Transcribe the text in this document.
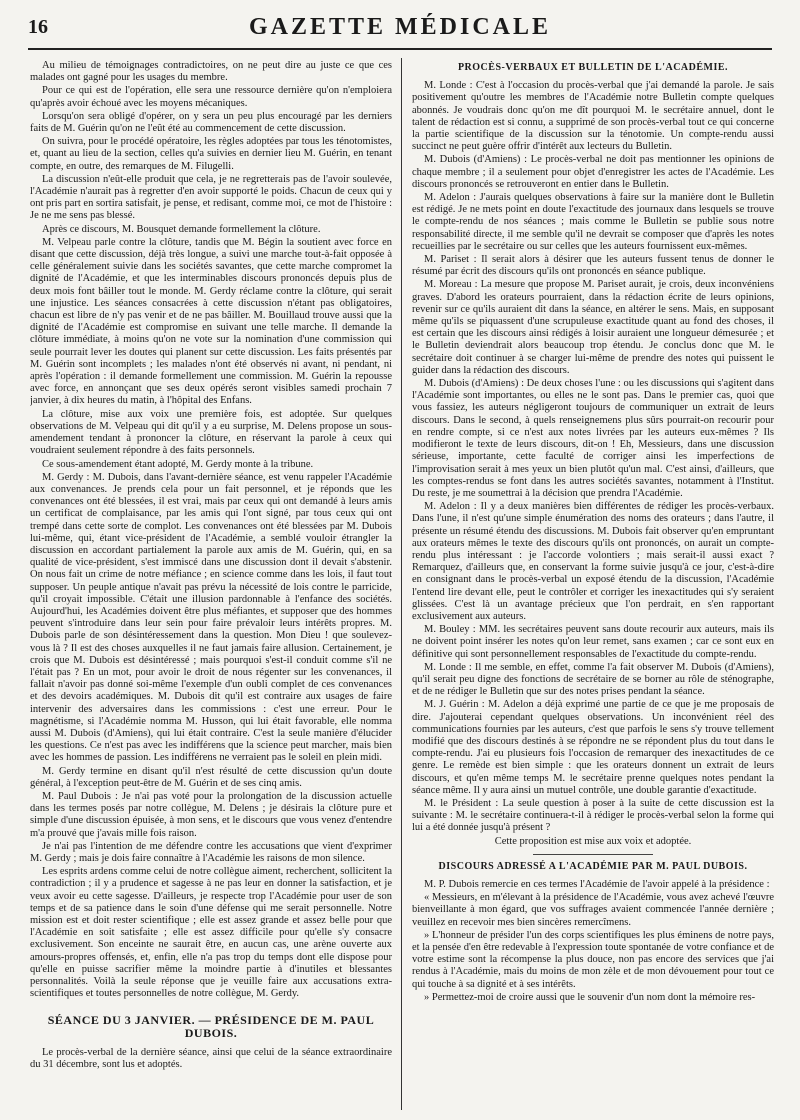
16	GAZETTE MÉDICALE

Au milieu de témoignages contradictoires, on ne peut dire au juste ce que ces malades ont gagné pour les usages du membre.

Pour ce qui est de l'opération, elle sera une ressource dernière qu'on n'emploiera qu'après avoir échoué avec les moyens mécaniques.

Lorsqu'on sera obligé d'opérer, on y sera un peu plus encouragé par les derniers faits de M. Guérin qu'on ne l'eût été au commencement de cette discussion.

On suivra, pour le procédé opératoire, les règles adoptées par tous les ténotomistes, et, quant au lieu de la section, celles qu'a suivies en dernier lieu M. Guérin, en tenant compte, en outre, des remarques de M. Filugelli.

La discussion n'eût-elle produit que cela, je ne regretterais pas de l'avoir soulevée, l'Académie n'aurait pas à regretter d'en avoir supporté le poids. Chacun de ceux qui y ont pris part en sortira satisfait, je pense, et redisant, comme moi, ce mot de l'histoire : Je ne me sens pas blessé.

Après ce discours, M. Bousquet demande formellement la clôture.

M. Velpeau parle contre la clôture, tandis que M. Bégin la soutient avec force en disant que cette discussion, déjà très longue, a suivi une marche tout-à-fait opposée à celle généralement suivie dans les sociétés savantes, que cette marche compromet la dignité de l'Académie, et que les interminables discours prononcés depuis plus de deux mois font bâiller tout le monde. M. Gerdy réclame contre la clôture, qui serait une injustice. Les séances consacrées à cette discussion n'étant pas obligatoires, chacun est libre de n'y pas venir et de ne pas bâiller. M. Bouillaud trouve aussi que la dignité de l'Académie est compromise en suivant une telle marche. Il demande la clôture immédiate, à moins qu'on ne vote sur la nomination d'une commission qui seule pourrait lever les doutes qui planent sur cette discussion. Les faits présentés par M. Guérin sont incomplets ; les malades n'ont été observés ni avant, ni pendant, ni après l'opération : il demande formellement une commission. M. Guérin la repousse avec force, en annonçant que ses deux opérés seront visibles samedi prochain 7 janvier, à dix heures du matin, à l'hôpital des Enfans.

La clôture, mise aux voix une première fois, est adoptée. Sur quelques observations de M. Velpeau qui dit qu'il y a eu surprise, M. Delens propose un sous-amendement tendant à prononcer la clôture, en réservant la parole à ceux qui voudraient seulement répondre à des faits personnels.

Ce sous-amendement étant adopté, M. Gerdy monte à la tribune.

M. Gerdy : M. Dubois, dans l'avant-dernière séance, est venu rappeler l'Académie aux convenances. Je prends cela pour un fait personnel, et je réponds que les convenances ont été blessées, il est vrai, mais par ceux qui ont demandé à leurs amis un certificat de complaisance, par les amis qui l'ont signé, par tous ceux qui ont trempé dans cette sorte de complot. Les convenances ont été blessées par M. Dubois lui-même, qui, étant vice-président de l'Académie, a semblé vouloir étrangler la discussion en accordant partialement la parole aux amis de M. Guérin, qui, en sa qualité de vice-président, s'est immiscé dans une discussion dont il devait s'abstenir. On nous fait un crime de notre méfiance ; en science comme dans les lois, il faut tout supposer. Un peuple antique n'avait pas prévu la nécessité de lois contre le parricide, qu'il croyait impossible. C'était une illusion pardonnable à l'enfance des sociétés. Aujourd'hui, les Académies doivent être plus méfiantes, et supposer que des hommes peuvent s'introduire dans leur sein pour faire prévaloir leurs intérêts propres. M. Dubois parle de son désintéressement dans la question. Mon Dieu ! que soulevez-vous là ? Il est des choses auxquelles il ne faut jamais faire allusion. Certainement, je crois que M. Dubois est désintéressé ; mais pourquoi s'est-il conduit comme s'il ne l'était pas ? En un mot, pour avoir le droit de nous régenter sur les convenances, il fallait n'avoir pas donné soi-même l'exemple d'un oubli complet de ces convenances et des devoirs académiques. M. Dubois dit qu'il est contraire aux usages de faire intervenir des adversaires dans les commissions : c'est une erreur. Pour le magnétisme, si l'Académie nomma M. Husson, qui lui était favorable, elle nomma aussi M. Dubois (d'Amiens), qui lui était contraire. C'est la seule manière d'élucider les questions. Ce n'est pas avec les indifférens que la science peut marcher, mais bien avec les hommes de passion. Les indifférens ne verraient pas le soleil en plein midi.

M. Gerdy termine en disant qu'il n'est résulté de cette discussion qu'un doute général, à l'exception peut-être de M. Guérin et de ses cinq amis.

M. Paul Dubois : Je n'ai pas voté pour la prolongation de la discussion actuelle dans les termes posés par notre collègue, M. Delens ; je désirais la clôture pure et simple d'une discussion épuisée, à mon sens, et le discours que vous venez d'entendre m'a prouvé que j'avais mille fois raison.

Je n'ai pas l'intention de me défendre contre les accusations que vient d'exprimer M. Gerdy ; mais je dois faire connaître à l'Académie les raisons de mon silence.

Les esprits ardens comme celui de notre collègue aiment, recherchent, sollicitent la contradiction ; il y a prudence et sagesse à ne pas leur en donner la satisfaction, et je veux avoir eu cette sagesse. D'ailleurs, je respecte trop l'Académie pour user de son temps et de sa patience dans le soin d'une défense qui me serait personnelle. Notre mission est et doit rester scientifique ; elle est assez grande et assez belle pour que l'Académie en soit satisfaite ; elle est assez difficile pour qu'elle s'y consacre exclusivement. Son enceinte ne saurait être, en aucun cas, une arène ouverte aux amours-propres offensés, et, enfin, elle n'a pas trop du temps dont elle dispose pour qu'elle en puisse sacrifier même la moindre partie à d'inutiles et blessantes personnalités. Voilà la seule réponse que je veuille faire aux accusations extra-scientifiques et toutes personnelles de notre collègue, M. Gerdy.

SÉANCE DU 3 JANVIER. — PRÉSIDENCE DE M. PAUL DUBOIS.

Le procès-verbal de la dernière séance, ainsi que celui de la séance extraordinaire du 31 décembre, sont lus et adoptés.

PROCÈS-VERBAUX ET BULLETIN DE L'ACADÉMIE.

M. Londe : C'est à l'occasion du procès-verbal que j'ai demandé la parole. Je sais positivement qu'outre les membres de l'Académie notre Bulletin compte quelques abonnés. Je voudrais donc qu'on me dît pourquoi M. le secrétaire annuel, dont le talent de rédaction est si connu, a supprimé de son procès-verbal tout ce qui concerne la partie scientifique de la discussion sur la ténotomie. Un compte-rendu aussi succinct ne peut guère offrir d'intérêt aux lecteurs du Bulletin.

M. Dubois (d'Amiens) : Le procès-verbal ne doit pas mentionner les opinions de chaque membre ; il a seulement pour objet d'enregistrer les actes de l'Académie. Les discours prononcés se retrouveront en entier dans le Bulletin.

M. Adelon : J'aurais quelques observations à faire sur la manière dont le Bulletin est rédigé. Je ne mets point en doute l'exactitude des journaux dans lesquels se trouve le compte-rendu de nos séances ; mais comme le Bulletin se publie sous notre responsabilité directe, il me semble qu'il ne devrait se composer que d'après les notes recueillies par le secrétaire ou sur celles que les auteurs fournissent eux-mêmes.

M. Pariset : Il serait alors à désirer que les auteurs fussent tenus de donner le résumé par écrit des discours qu'ils ont prononcés en séance publique.

M. Moreau : La mesure que propose M. Pariset aurait, je crois, deux inconvéniens graves. D'abord les orateurs pourraient, dans la rédaction écrite de leurs opinions, revenir sur ce qu'ils auraient dit dans la séance, en altérer le sens. Mais, en supposant même qu'ils se piquassent d'une scrupuleuse exactitude quant au fond des choses, il est certain que les discours ainsi rédigés à loisir auraient une longueur démesurée ; et le Bulletin deviendrait alors beaucoup trop étendu. Je conclus donc que M. le secrétaire doit continuer à se charger lui-même de prendre des notes qui puissent le guider dans la rédaction des discours.

M. Dubois (d'Amiens) : De deux choses l'une : ou les discussions qui s'agitent dans l'Académie sont importantes, ou elles ne le sont pas. Dans le premier cas, quoi que vous fassiez, les auteurs négligeront toujours de communiquer un extrait de leurs discours. Dans le second, à quels renseignemens plus sûrs pourrait-on recourir pour en rendre compte, si ce n'est aux notes livrées par les auteurs eux-mêmes ? Ils modifieront le texte de leurs discours, dit-on ! Eh, Messieurs, dans une discussion sérieuse, importante, cette faculté de corriger ainsi les imperfections de l'improvisation serait à mes yeux un bien plutôt qu'un mal. C'est ainsi, d'ailleurs, que les comptes-rendus se font dans les autres sociétés savantes, notamment à l'Institut. Du reste, je me soumettrai à la décision que prendra l'Académie.

M. Adelon : Il y a deux manières bien différentes de rédiger les procès-verbaux. Dans l'une, il n'est qu'une simple énumération des noms des orateurs ; dans l'autre, il présente un résumé étendu des discussions. M. Dubois fait observer qu'en empruntant aux orateurs mêmes le texte des discours qu'ils ont prononcés, on aurait un compte-rendu plus intéressant : je l'accorde volontiers ; mais serait-il aussi exact ? Remarquez, d'ailleurs que, en conservant la forme suivie jusqu'à ce jour, c'est-à-dire en consignant dans le procès-verbal un exposé étendu de la discussion, l'Académie l'entend lire devant elle, peut le contrôler et corriger les inexactitudes qui s'y seraient glissées. C'est là un avantage précieux que l'on perdrait, en s'en rapportant exclusivement aux auteurs.

M. Bouley : MM. les secrétaires peuvent sans doute recourir aux auteurs, mais ils ne doivent point insérer les notes qu'on leur remet, sans examen ; car ce sont eux en définitive qui sont personnellement responsables de l'exactitude du compte-rendu.

M. Londe : Il me semble, en effet, comme l'a fait observer M. Dubois (d'Amiens), qu'il serait peu digne des fonctions de secrétaire de se borner au rôle de sténographe, et de ne rédiger le Bulletin que sur des notes prises pendant la séance.

M. J. Guérin : M. Adelon a déjà exprimé une partie de ce que je me proposais de dire. J'ajouterai cependant quelques observations. Un inconvénient réel des communications fournies par les auteurs, c'est que parfois le sens s'y trouve tellement modifié que des discours destinés à se répondre ne se répondent plus du tout dans le compte-rendu. J'ai eu plusieurs fois l'occasion de remarquer des inexactitudes de ce genre. Le remède est bien simple : que les orateurs donnent un extrait de leurs discours, et qu'en même temps M. le secrétaire prenne quelques notes pendant la séance même. Il y aura ainsi un mutuel contrôle, une double garantie d'exactitude.

M. le Président : La seule question à poser à la suite de cette discussion est la suivante : M. le secrétaire continuera-t-il à rédiger le procès-verbal selon la forme qui lui a été donnée jusqu'à présent ?

Cette proposition est mise aux voix et adoptée.

DISCOURS ADRESSÉ A L'ACADÉMIE PAR M. PAUL DUBOIS.

M. P. Dubois remercie en ces termes l'Académie de l'avoir appelé à la présidence :

« Messieurs, en m'élevant à la présidence de l'Académie, vous avez achevé l'œuvre bienveillante à mon égard, que vos suffrages avaient commencée l'année dernière ; veuillez en recevoir mes bien sincères remercîmens.

» L'honneur de présider l'un des corps scientifiques les plus éminens de notre pays, et la pensée d'en être redevable à l'expression toute spontanée de votre confiance et de votre estime sont la récompense la plus douce, non pas encore des services que j'ai rendus à l'Académie, mais du moins de mon zèle et de mon dévouement pour tout ce qui touche à sa dignité et à ses intérêts.

» Permettez-moi de croire aussi que le souvenir d'un nom dont la mémoire res-
